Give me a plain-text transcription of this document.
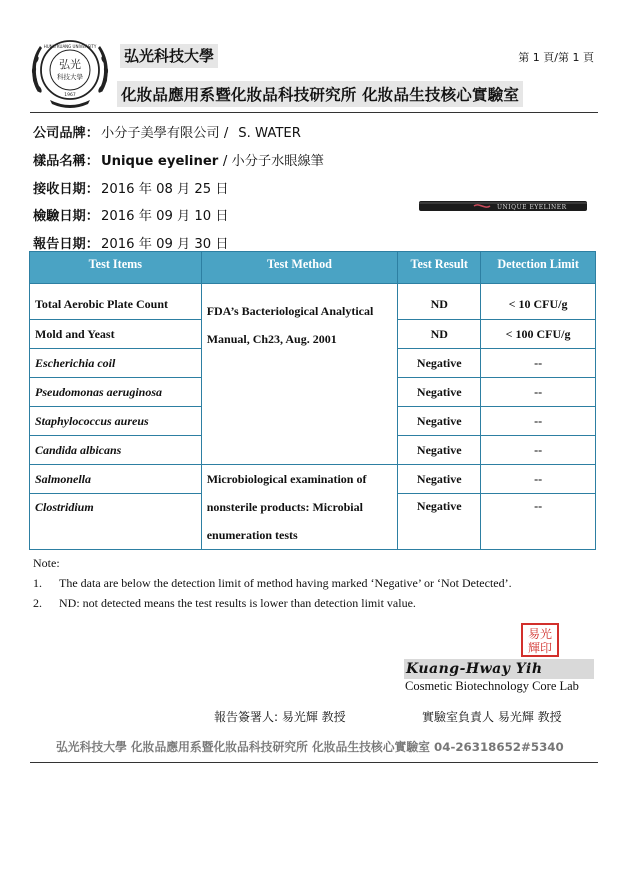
弘光
科技大學
HUNG KUANG UNIVERSITY
1967
弘光科技大學	第 1 頁/第 1 頁
化妝品應用系暨化妝品科技研究所 化妝品生技核心實驗室
公司品牌： 小分子美學有限公司 / S. WATER
樣品名稱： Unique eyeliner / 小分子水眼線筆
接收日期： 2016 年 08 月 25 日
檢驗日期： 2016 年 09 月 10 日
報告日期： 2016 年 09 月 30 日
UNIQUE EYELINER
Test Items	Test Method	Test Result	Detection Limit

Total Aerobic Plate Count	FDA’s Bacteriological Analytical Manual, Ch23, Aug. 2001	ND	< 10 CFU/g
Mold and Yeast		ND	< 100 CFU/g
Escherichia coil		Negative	--
Pseudomonas aeruginosa		Negative	--
Staphylococcus aureus		Negative	--
Candida albicans		Negative	--
Salmonella	Microbiological examination of nonsterile products: Microbial enumeration tests	Negative	--
Clostridium		Negative	--
Note:
1. The data are below the detection limit of method having marked ‘Negative’ or ‘Not Detected’.
2. ND: not detected means the test results is lower than detection limit value.
易光
輝印
Kuang-Hway Yih
Cosmetic Biotechnology Core Lab
報告簽署人: 易光輝 教授	實驗室負責人 易光輝 教授
弘光科技大學 化妝品應用系暨化妝品科技研究所 化妝品生技核心實驗室 04-26318652#5340
